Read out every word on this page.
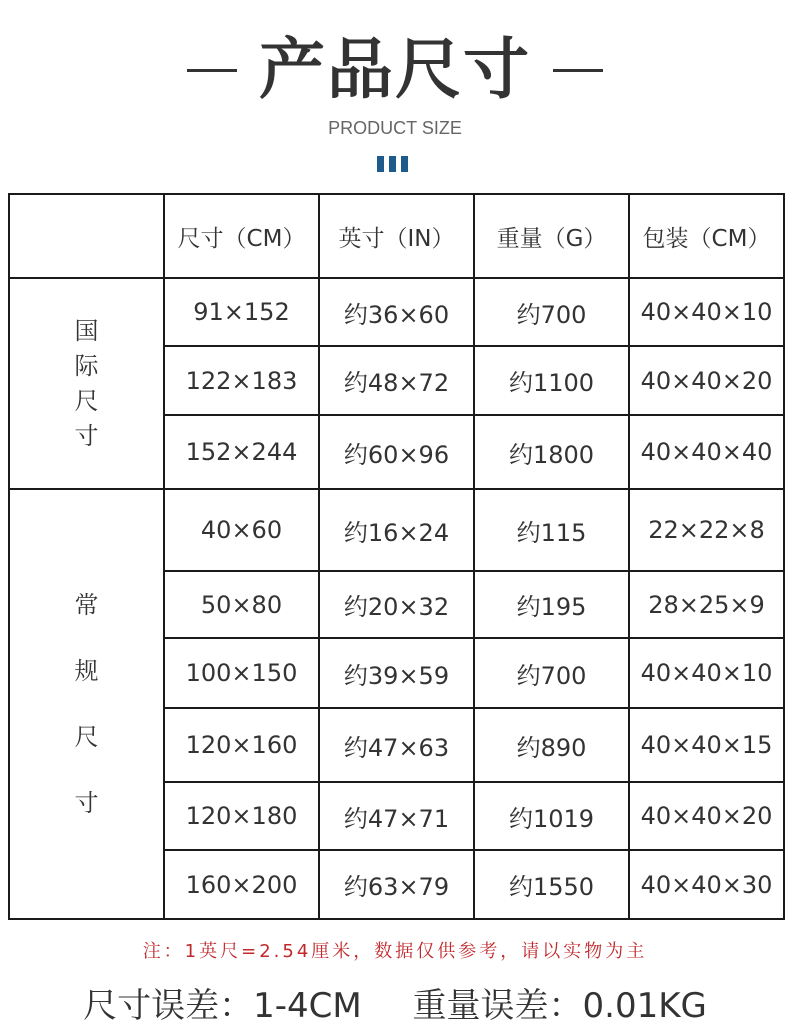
产品尺寸
PRODUCT SIZE
	尺寸（CM）	英寸（IN）	重量（G）	包装（CM）

国
际
尺
寸	91×152	约36×60	约700	40×40×10
	122×183	约48×72	约1100	40×40×20
	152×244	约60×96	约1800	40×40×40

常
规
尺
寸	40×60	约16×24	约115	22×22×8
	50×80	约20×32	约195	28×25×9
	100×150	约39×59	约700	40×40×10
	120×160	约47×63	约890	40×40×15
	120×180	约47×71	约1019	40×40×20
	160×200	约63×79	约1550	40×40×30
注：1英尺=2.54厘米，数据仅供参考，请以实物为主
尺寸误差：1-4CM 重量误差：0.01KG
